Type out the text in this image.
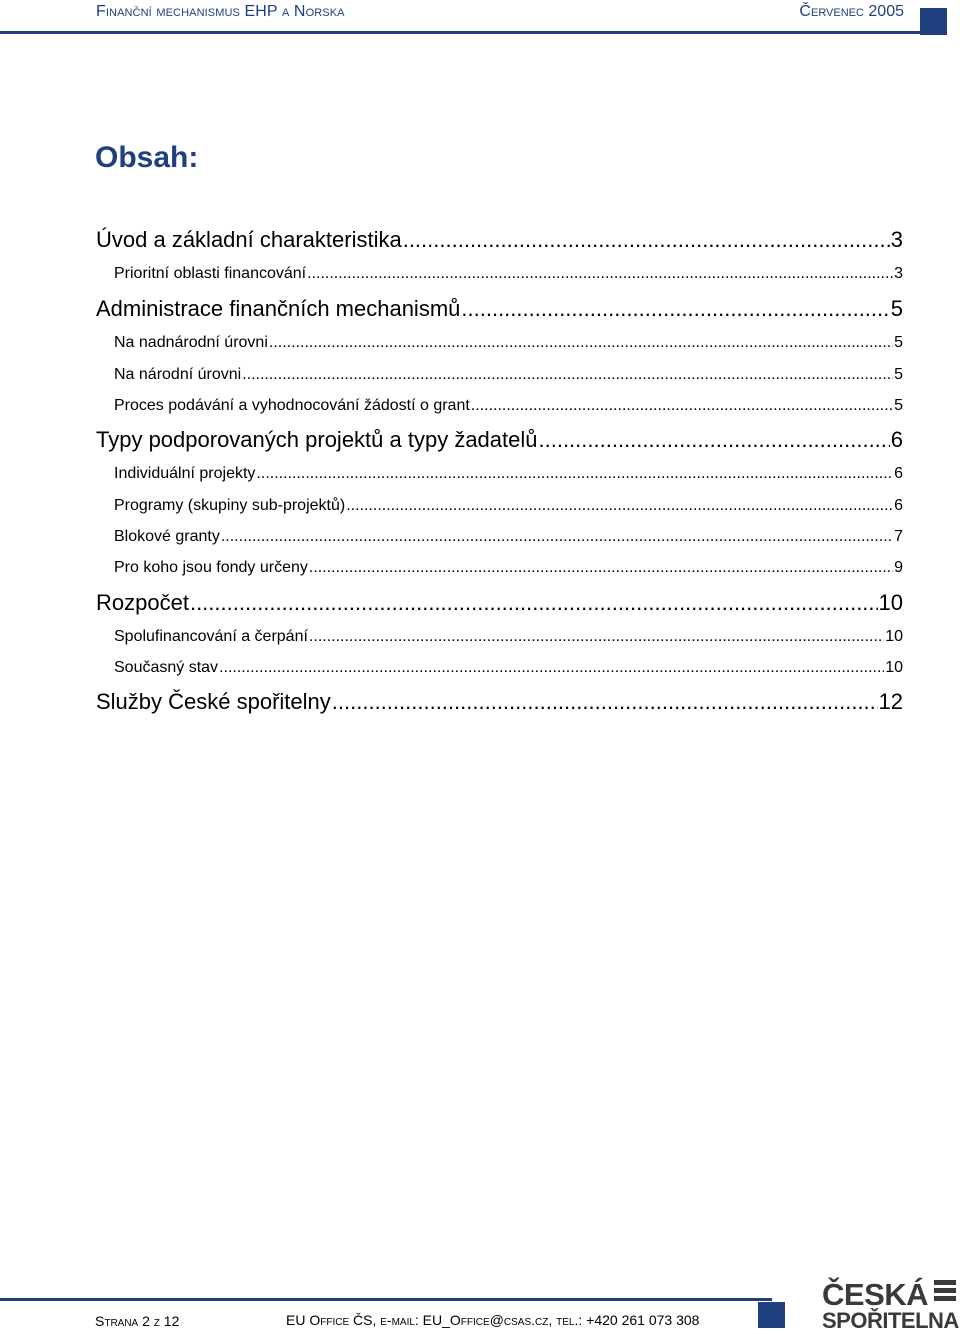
Finanční mechanismus EHP a Norska	Červenec 2005
Obsah:
Úvod a základní charakteristika .....	3
Prioritní oblasti financování .....	3
Administrace finančních mechanismů .....	5
Na nadnárodní úrovni .....	5
Na národní úrovni .....	5
Proces podávání a vyhodnocování žádostí o grant .....	5
Typy podporovaných projektů a typy žadatelů .....	6
Individuální projekty .....	6
Programy (skupiny sub-projektů) .....	6
Blokové granty .....	7
Pro koho jsou fondy určeny .....	9
Rozpočet .....	10
Spolufinancování a čerpání .....	10
Současný stav .....	10
Služby České spořitelny .....	12
Strana 2 z 12	EU Office ČS, e-mail: EU_Office@csas.cz, tel.: +420 261 073 308
ČESKÁ
SPOŘITELNA
